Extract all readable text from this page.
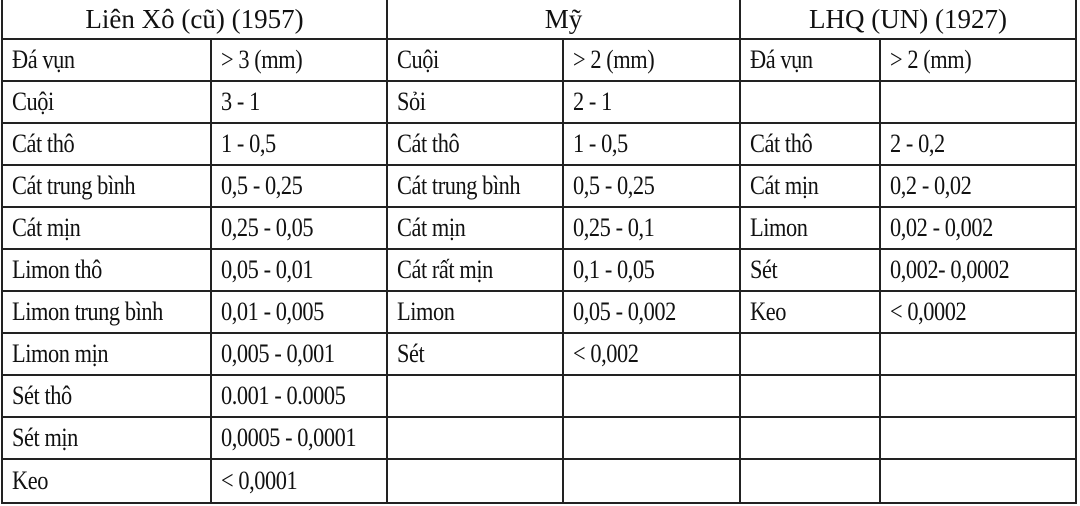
Liên Xô (cũ) (1957)		Mỹ		LHQ (UN) (1927)	
Đá vụn	> 3 (mm)	Cuội	> 2 (mm)	Đá vụn	> 2 (mm)
Cuội	3 - 1	Sỏi	2 - 1		
Cát thô	1 - 0,5	Cát thô	1 - 0,5	Cát thô	2 - 0,2
Cát trung bình	0,5 - 0,25	Cát trung bình	0,5 - 0,25	Cát mịn	0,2 - 0,02
Cát mịn	0,25 - 0,05	Cát mịn	0,25 - 0,1	Limon	0,02 - 0,002
Limon thô	0,05 - 0,01	Cát rất mịn	0,1 - 0,05	Sét	0,002- 0,0002
Limon trung bình	0,01 - 0,005	Limon	0,05 - 0,002	Keo	< 0,0002
Limon mịn	0,005 - 0,001	Sét	< 0,002		
Sét thô	0.001 - 0.0005				
Sét mịn	0,0005 - 0,0001				
Keo	< 0,0001				
